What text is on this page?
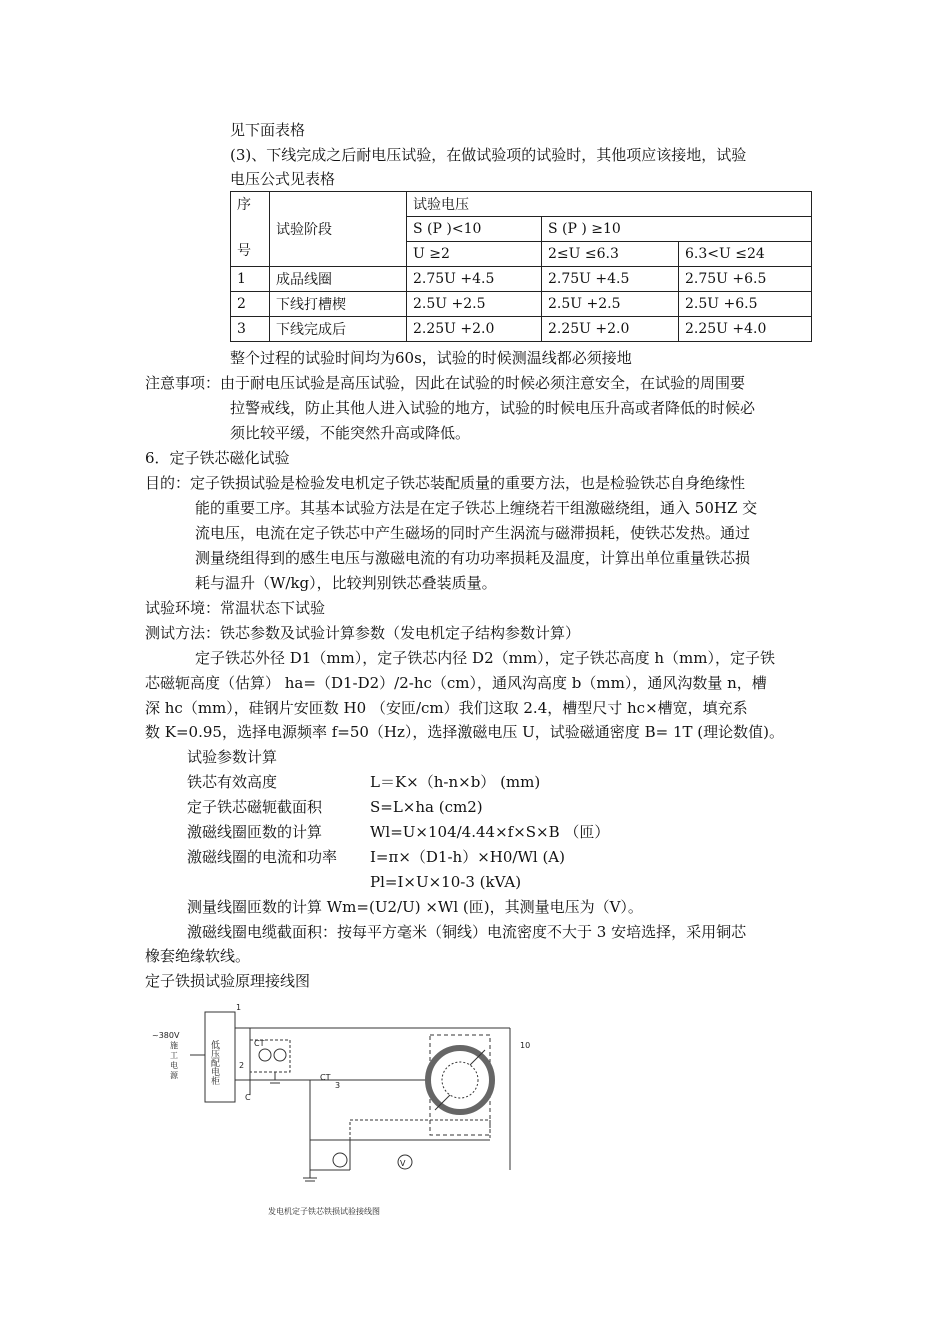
见下面表格
(3)、下线完成之后耐电压试验，在做试验项的试验时，其他项应该接地，试验
电压公式见表格
序
号	试验阶段	试验电压		
		S (P )<10	S (P ) ≥10	
		U ≥2	2≤U ≤6.3	6.3<U ≤24
1	成品线圈	2.75U +4.5	2.75U +4.5	2.75U +6.5
2	下线打槽楔	2.5U +2.5	2.5U +2.5	2.5U +6.5
3	下线完成后	2.25U +2.0	2.25U +2.0	2.25U +4.0
整个过程的试验时间均为60s，试验的时候测温线都必须接地
注意事项：由于耐电压试验是高压试验，因此在试验的时候必须注意安全，在试验的周围要
拉警戒线，防止其他人进入试验的地方，试验的时候电压升高或者降低的时候必
须比较平缓，不能突然升高或降低。
6．定子铁芯磁化试验
目的：定子铁损试验是检验发电机定子铁芯装配质量的重要方法，也是检验铁芯自身绝缘性
能的重要工序。其基本试验方法是在定子铁芯上缠绕若干组激磁绕组，通入 50HZ 交
流电压，电流在定子铁芯中产生磁场的同时产生涡流与磁滞损耗，使铁芯发热。通过
测量绕组得到的感生电压与激磁电流的有功功率损耗及温度，计算出单位重量铁芯损
耗与温升（W/kg），比较判别铁芯叠装质量。
试验环境：常温状态下试验
测试方法：铁芯参数及试验计算参数（发电机定子结构参数计算）
定子铁芯外径 D1（mm），定子铁芯内径 D2（mm），定子铁芯高度 h（mm），定子铁
芯磁轭高度（估算） ha=（D1-D2）/2-hc（cm），通风沟高度 b（mm），通风沟数量 n，槽
深 hc（mm），硅钢片安匝数 H0 （安匝/cm）我们这取 2.4，槽型尺寸 hc×槽宽，填充系
数 K=0.95，选择电源频率 f=50（Hz），选择激磁电压 U，试验磁通密度 B= 1T (理论数值)。
试验参数计算
铁芯有效高度	L＝K×（h-n×b） (mm)
定子铁芯磁轭截面积	S=L×ha (cm2)
激磁线圈匝数的计算	Wl=U×104/4.44×f×S×B （匝）
激磁线圈的电流和功率 I=π×（D1-h）×H0/Wl (A)
Pl=I×U×10-3 (kVA)
测量线圈匝数的计算 Wm=(U2/U) ×Wl (匝)，其测量电压为（V）。
激磁线圈电缆截面积：按每平方毫米（铜线）电流密度不大于 3 安培选择，采用铜芯
橡套绝缘软线。
定子铁损试验原理接线图
~380V
施
工
电
源	低压配电柜
1
2
3
10
C
CT
CT
V
发电机定子铁芯铁损试验接线图
